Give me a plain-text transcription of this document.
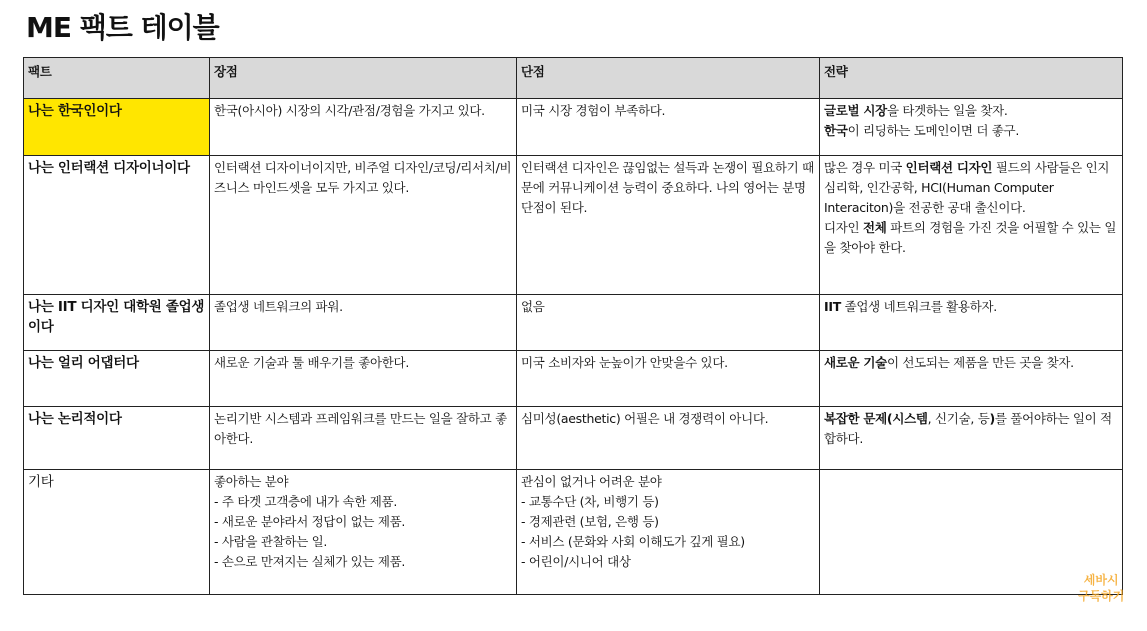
ME 팩트 테이블
팩트	장점	단점	전략
나는 한국인이다	한국(아시아) 시장의 시각/관점/경험을 가지고 있다.	미국 시장 경험이 부족하다.	글로벌 시장을 타겟하는 일을 찾자.
한국이 리딩하는 도메인이면 더 좋구.

나는 인터랙션 디자이너이다	인터랙션 디자이너이지만, 비주얼 디자인/코딩/리서치/비즈니스 마인드셋을 모두 가지고 있다.	인터랙션 디자인은 끊임없는 설득과 논쟁이 필요하기 때문에 커뮤니케이션 능력이 중요하다. 나의 영어는 분명 단점이 된다.	많은 경우 미국 인터랙션 디자인 필드의 사람들은 인지심리학, 인간공학, HCI(Human Computer Interaciton)을 전공한 공대 출신이다.
디자인 전체 파트의 경험을 가진 것을 어필할 수 있는 일을 찾아야 한다.

나는 IIT 디자인 대학원 졸업생이다	졸업생 네트워크의 파워.	없음	IIT 졸업생 네트워크를 활용하자.
나는 얼리 어댑터다	새로운 기술과 툴 배우기를 좋아한다.	미국 소비자와 눈높이가 안맞을수 있다.	새로운 기술이 선도되는 제품을 만든 곳을 찾자.
나는 논리적이다	논리기반 시스템과 프레임워크를 만드는 일을 잘하고 좋아한다.	심미성(aesthetic) 어필은 내 경쟁력이 아니다.	복잡한 문제(시스템, 신기술, 등)를 풀어야하는 일이 적합하다.
기타	좋아하는 분야
- 주 타겟 고객층에 내가 속한 제품.
- 새로운 분야라서 정답이 없는 제품.
- 사람을 관찰하는 일.
- 손으로 만져지는 실체가 있는 제품.	관심이 없거나 어려운 분야
- 교통수단 (차, 비행기 등)
- 경제관련 (보험, 은행 등)
- 서비스 (문화와 사회 이해도가 깊게 필요)
- 어린이/시니어 대상	

세바시
구독하기
